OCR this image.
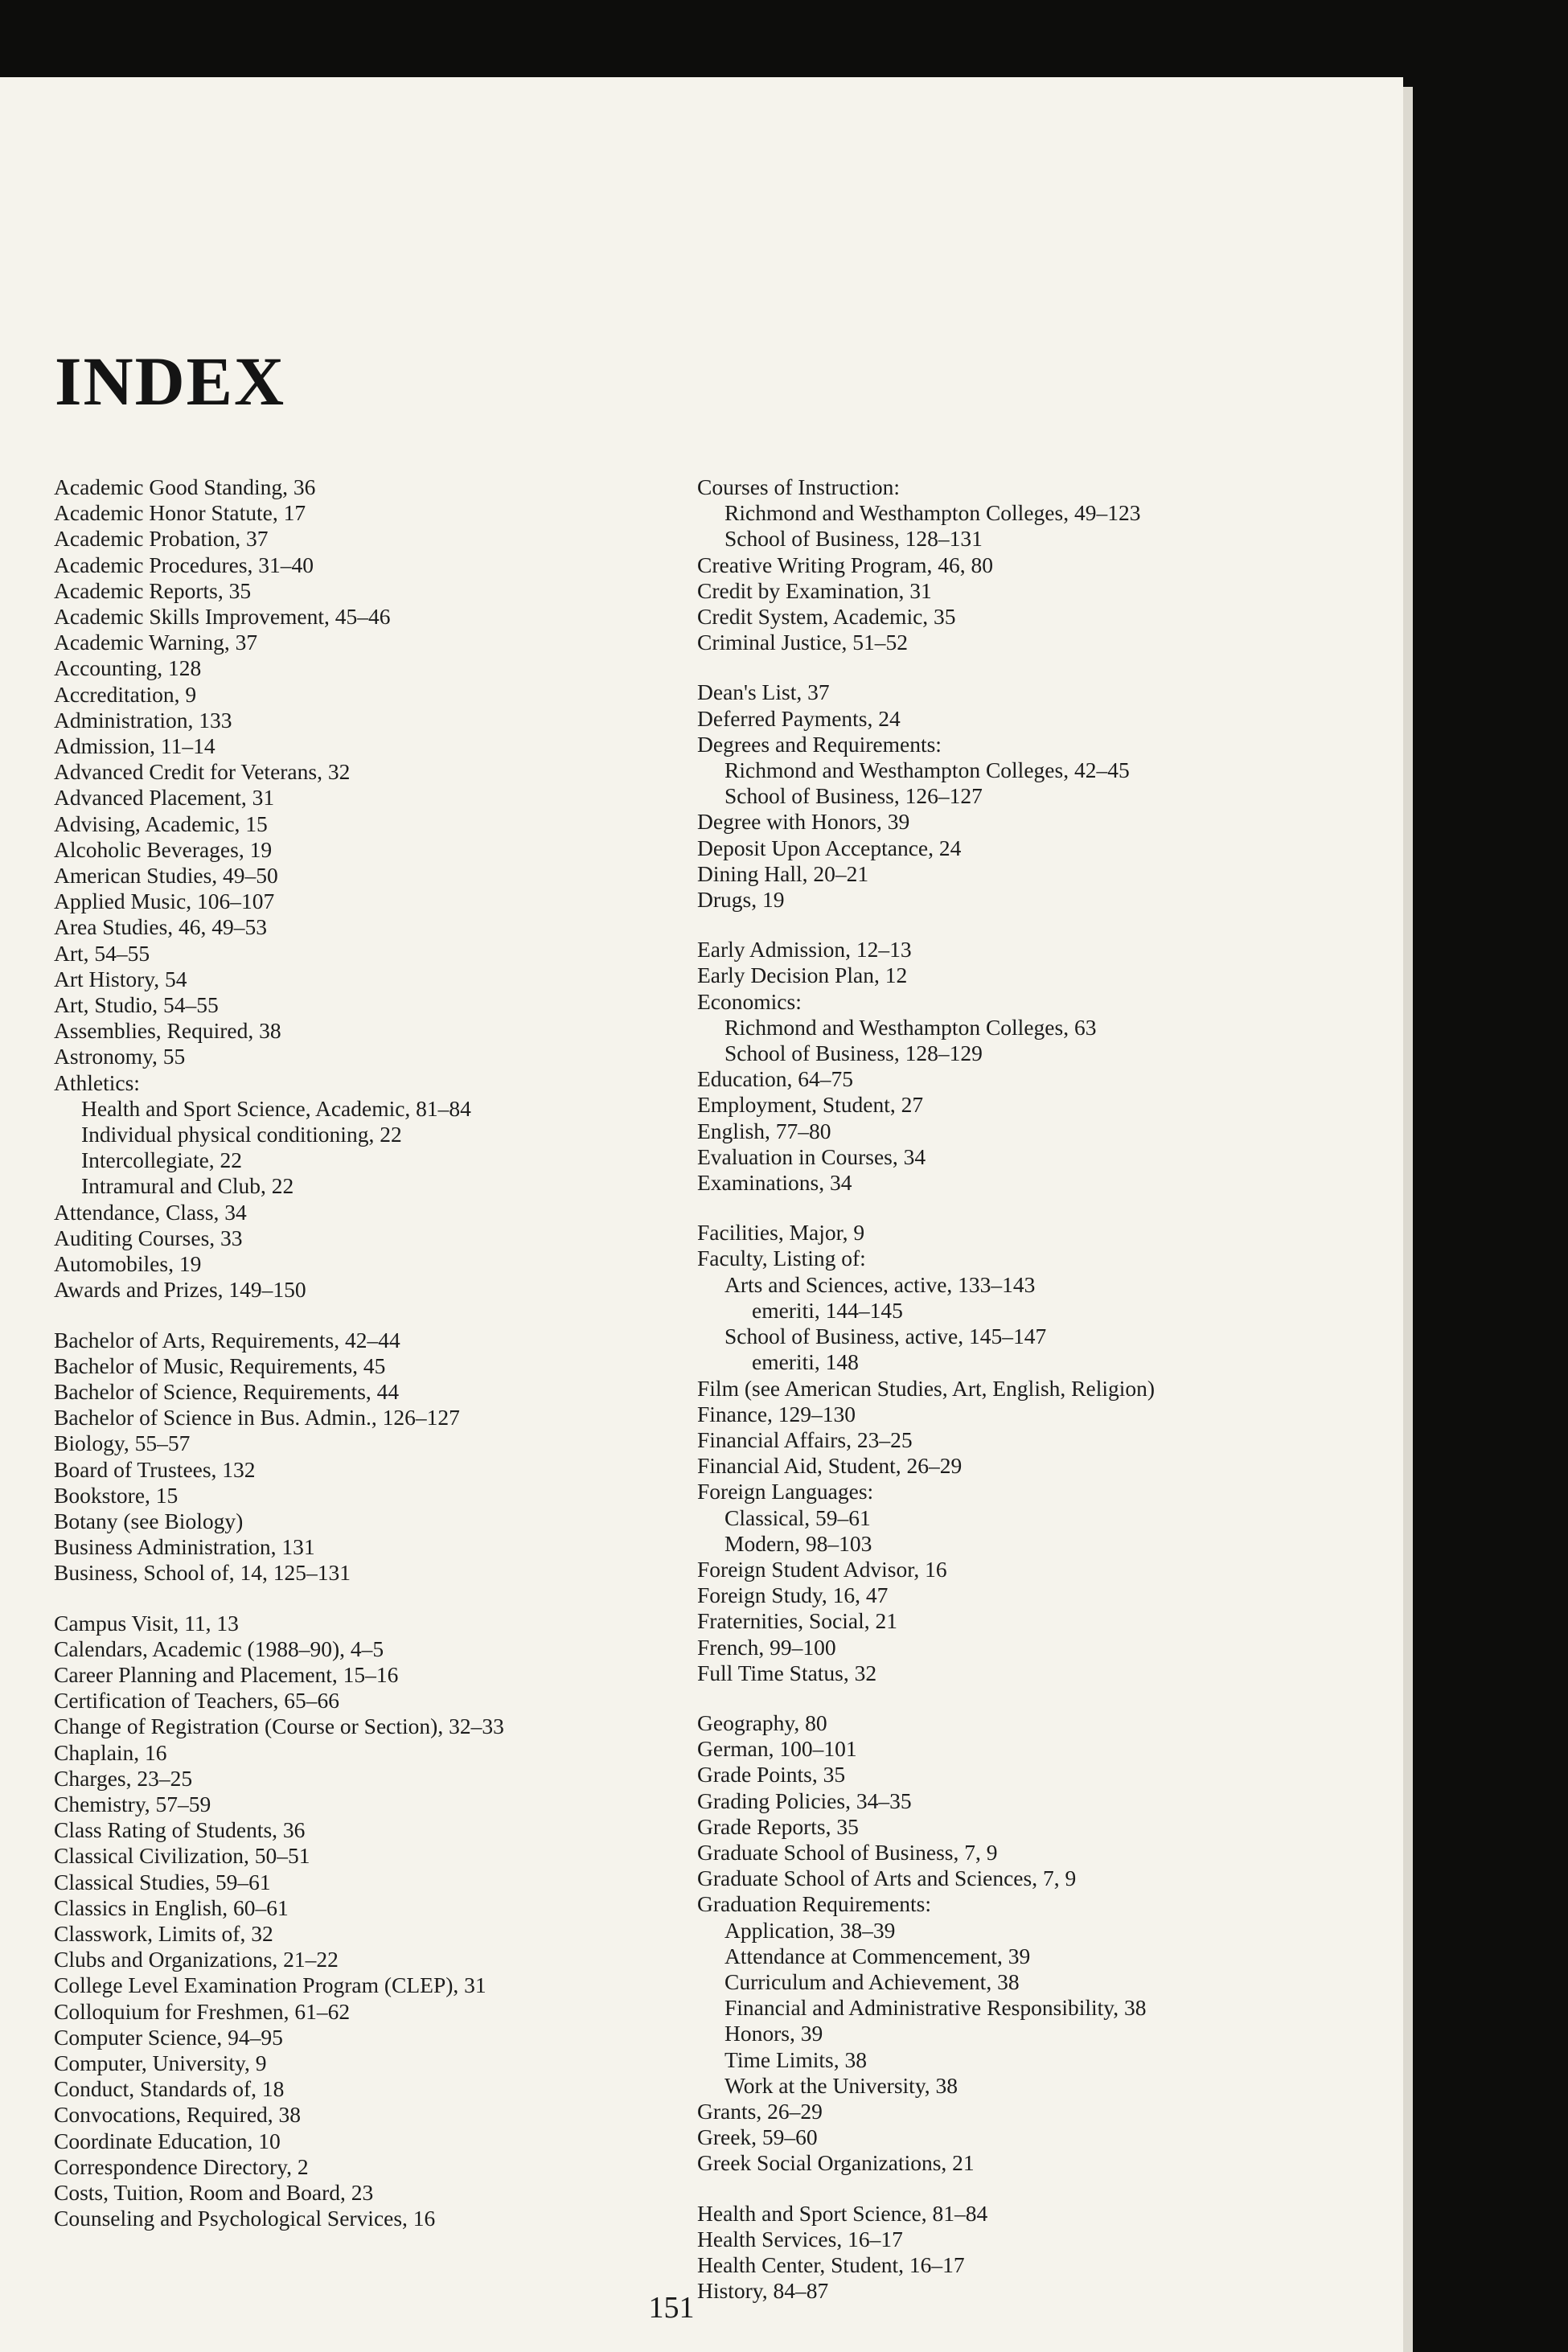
INDEX
Academic Good Standing, 36
Academic Honor Statute, 17
Academic Probation, 37
Academic Procedures, 31–40
Academic Reports, 35
Academic Skills Improvement, 45–46
Academic Warning, 37
Accounting, 128
Accreditation, 9
Administration, 133
Admission, 11–14
Advanced Credit for Veterans, 32
Advanced Placement, 31
Advising, Academic, 15
Alcoholic Beverages, 19
American Studies, 49–50
Applied Music, 106–107
Area Studies, 46, 49–53
Art, 54–55
Art History, 54
Art, Studio, 54–55
Assemblies, Required, 38
Astronomy, 55
Athletics:
Health and Sport Science, Academic, 81–84
Individual physical conditioning, 22
Intercollegiate, 22
Intramural and Club, 22
Attendance, Class, 34
Auditing Courses, 33
Automobiles, 19
Awards and Prizes, 149–150
Bachelor of Arts, Requirements, 42–44
Bachelor of Music, Requirements, 45
Bachelor of Science, Requirements, 44
Bachelor of Science in Bus. Admin., 126–127
Biology, 55–57
Board of Trustees, 132
Bookstore, 15
Botany (see Biology)
Business Administration, 131
Business, School of, 14, 125–131
Campus Visit, 11, 13
Calendars, Academic (1988–90), 4–5
Career Planning and Placement, 15–16
Certification of Teachers, 65–66
Change of Registration (Course or Section), 32–33
Chaplain, 16
Charges, 23–25
Chemistry, 57–59
Class Rating of Students, 36
Classical Civilization, 50–51
Classical Studies, 59–61
Classics in English, 60–61
Classwork, Limits of, 32
Clubs and Organizations, 21–22
College Level Examination Program (CLEP), 31
Colloquium for Freshmen, 61–62
Computer Science, 94–95
Computer, University, 9
Conduct, Standards of, 18
Convocations, Required, 38
Coordinate Education, 10
Correspondence Directory, 2
Costs, Tuition, Room and Board, 23
Counseling and Psychological Services, 16
Courses of Instruction:
Richmond and Westhampton Colleges, 49–123
School of Business, 128–131
Creative Writing Program, 46, 80
Credit by Examination, 31
Credit System, Academic, 35
Criminal Justice, 51–52
Dean's List, 37
Deferred Payments, 24
Degrees and Requirements:
Richmond and Westhampton Colleges, 42–45
School of Business, 126–127
Degree with Honors, 39
Deposit Upon Acceptance, 24
Dining Hall, 20–21
Drugs, 19
Early Admission, 12–13
Early Decision Plan, 12
Economics:
Richmond and Westhampton Colleges, 63
School of Business, 128–129
Education, 64–75
Employment, Student, 27
English, 77–80
Evaluation in Courses, 34
Examinations, 34
Facilities, Major, 9
Faculty, Listing of:
Arts and Sciences, active, 133–143
emeriti, 144–145
School of Business, active, 145–147
emeriti, 148
Film (see American Studies, Art, English, Religion)
Finance, 129–130
Financial Affairs, 23–25
Financial Aid, Student, 26–29
Foreign Languages:
Classical, 59–61
Modern, 98–103
Foreign Student Advisor, 16
Foreign Study, 16, 47
Fraternities, Social, 21
French, 99–100
Full Time Status, 32
Geography, 80
German, 100–101
Grade Points, 35
Grading Policies, 34–35
Grade Reports, 35
Graduate School of Business, 7, 9
Graduate School of Arts and Sciences, 7, 9
Graduation Requirements:
Application, 38–39
Attendance at Commencement, 39
Curriculum and Achievement, 38
Financial and Administrative Responsibility, 38
Honors, 39
Time Limits, 38
Work at the University, 38
Grants, 26–29
Greek, 59–60
Greek Social Organizations, 21
Health and Sport Science, 81–84
Health Services, 16–17
Health Center, Student, 16–17
History, 84–87
151
